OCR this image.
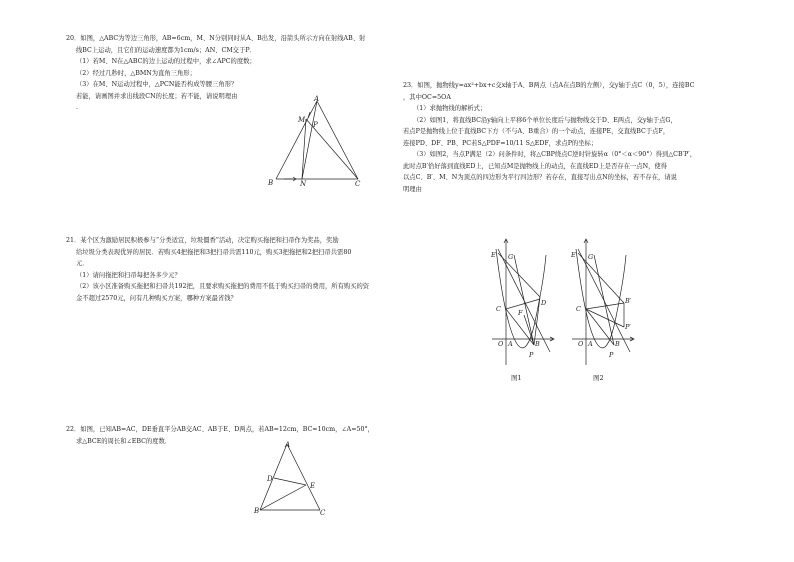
20．如图，△ABC为等边三角形，AB=6cm，M、N分别同时从A、B出发，沿箭头所示方向在射线AB、射

线BC上运动，且它们的运动速度都为1cm/s；AN、CM交于P．

（1）若M、N在△ABC的边上运动的过程中，求∠APC的度数；

（2）经过几秒时，△BMN为直角三角形；

（3）在M、N运动过程中，△PCN能否构成等腰三角形？

若能，请画图并求出线段CN的长度；若不能，请说明理由

.

A
M
P
B	N	C

21．某个区为激励居民积极参与“分类适宜，垃圾僵香”活动，决定购买拖把和扫帚作为奖品，奖励

给垃圾分类表现优异的居民．若购买4把拖把和3把扫帚共需110元，购买3把拖把和2把扫帚共需80

元．

（1）请问拖把和扫帚每把各多少元？

（2）该小区准备购买拖把和扫帚共192把，且要求购买拖把的费用不低于购买扫帚的费用，所有购买的资

金不超过2570元，问有几种购买方案，哪种方案最省钱？

22．如图，已知AB=AC，DE垂直平分AB交AC、AB于E、D两点，若AB=12cm，BC=10cm，∠A=50°，

求△BCE的周长和∠EBC的度数．	A
D
E
B	C

23．如图，抛物线y=ax²+bx+c交x轴于A、B两点（点A在点B的左侧），交y轴于点C（0，5），连接BC

，其中OC=5OA

（1）求抛物线的解析式；

（2）如图1，将直线BC沿y轴向上平移6个单位长度后与抛物线交于D、E两点，交y轴于点G，

若点P是抛物线上位于直线BC下方（不与A、B重合）的一个动点，连接PE，交直线BC于点F，

连接PD、DF、PB、PC若S△PDF=10/11 S△EDF，求点P的坐标；

（3）如图2，当点P满足（2）问条件时，将△CBP绕点C逆时针旋转α（0°＜α＜90°）得到△CB′P′，

此时点B′恰好落到直线ED上，已知点M是抛物线上的动点，在直线ED上是否存在一点N，使得

以点C、B′、M、N为顶点的四边形为平行四边形？若存在，直接写出点N的坐标，若不存在，请说

明理由

E G
D
C	F
O A	B
P
图1
E G
B′
C
P′
O A	B
P
图2
